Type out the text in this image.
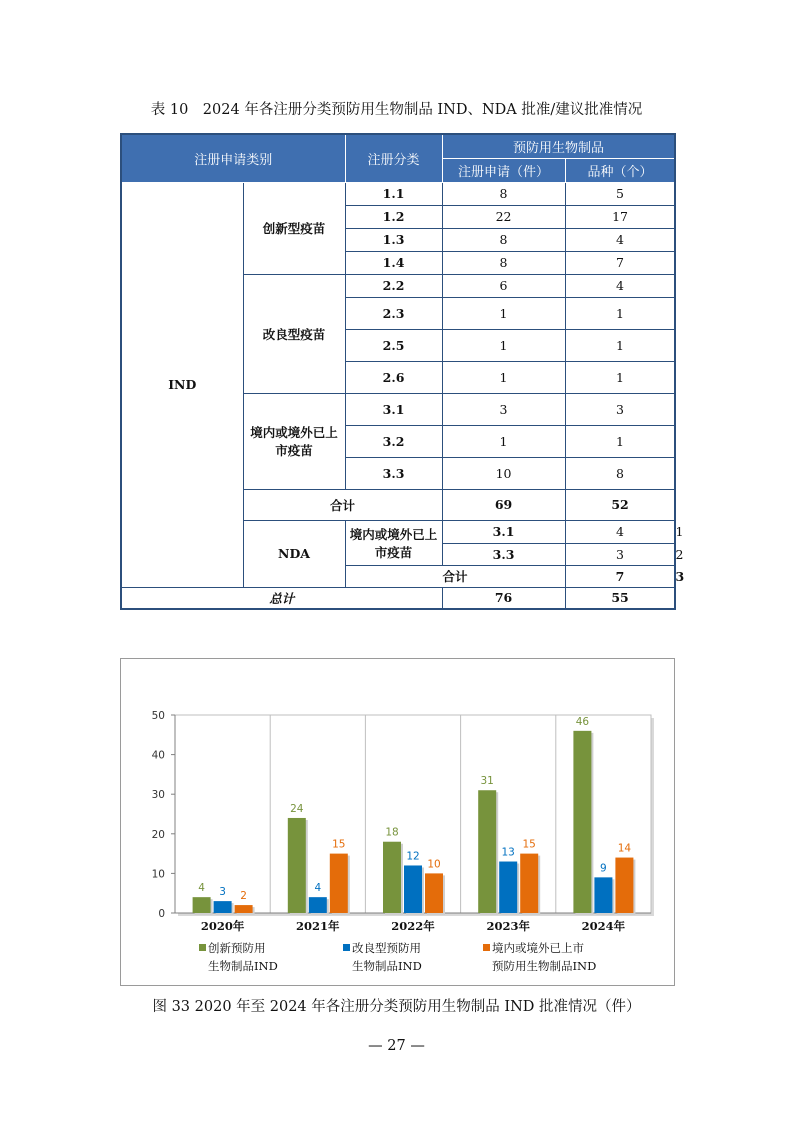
表 10　2024 年各注册分类预防用生物制品 IND、NDA 批准/建议批准情况
注册申请类别		注册分类	预防用生物制品		
			注册申请（件）	品种（个）	
IND	创新型疫苗	1.1	8	5	
		1.2	22	17	
		1.3	8	4	
		1.4	8	7	
	改良型疫苗	2.2	6	4	
		2.3	1	1	
		2.5	1	1	
		2.6	1	1	
	境内或境外已上市疫苗	3.1	3	3	
		3.2	1	1	
		3.3	10	8	
	合计		69	52	
	NDA	境内或境外已上市疫苗	3.1	4	1
			3.3	3	2
		合计		7	3
总计			76	55	
0
10
20
30
40
50
4 3 2
2020年
24
4
15
2021年
18
12
10
2022年
31
13
15
2023年
46
9
14
2024年
创新预防用
生物制品IND
改良型预防用
生物制品IND
境内或境外已上市
预防用生物制品IND
图 33 2020 年至 2024 年各注册分类预防用生物制品 IND 批准情况（件）
— 27 —
